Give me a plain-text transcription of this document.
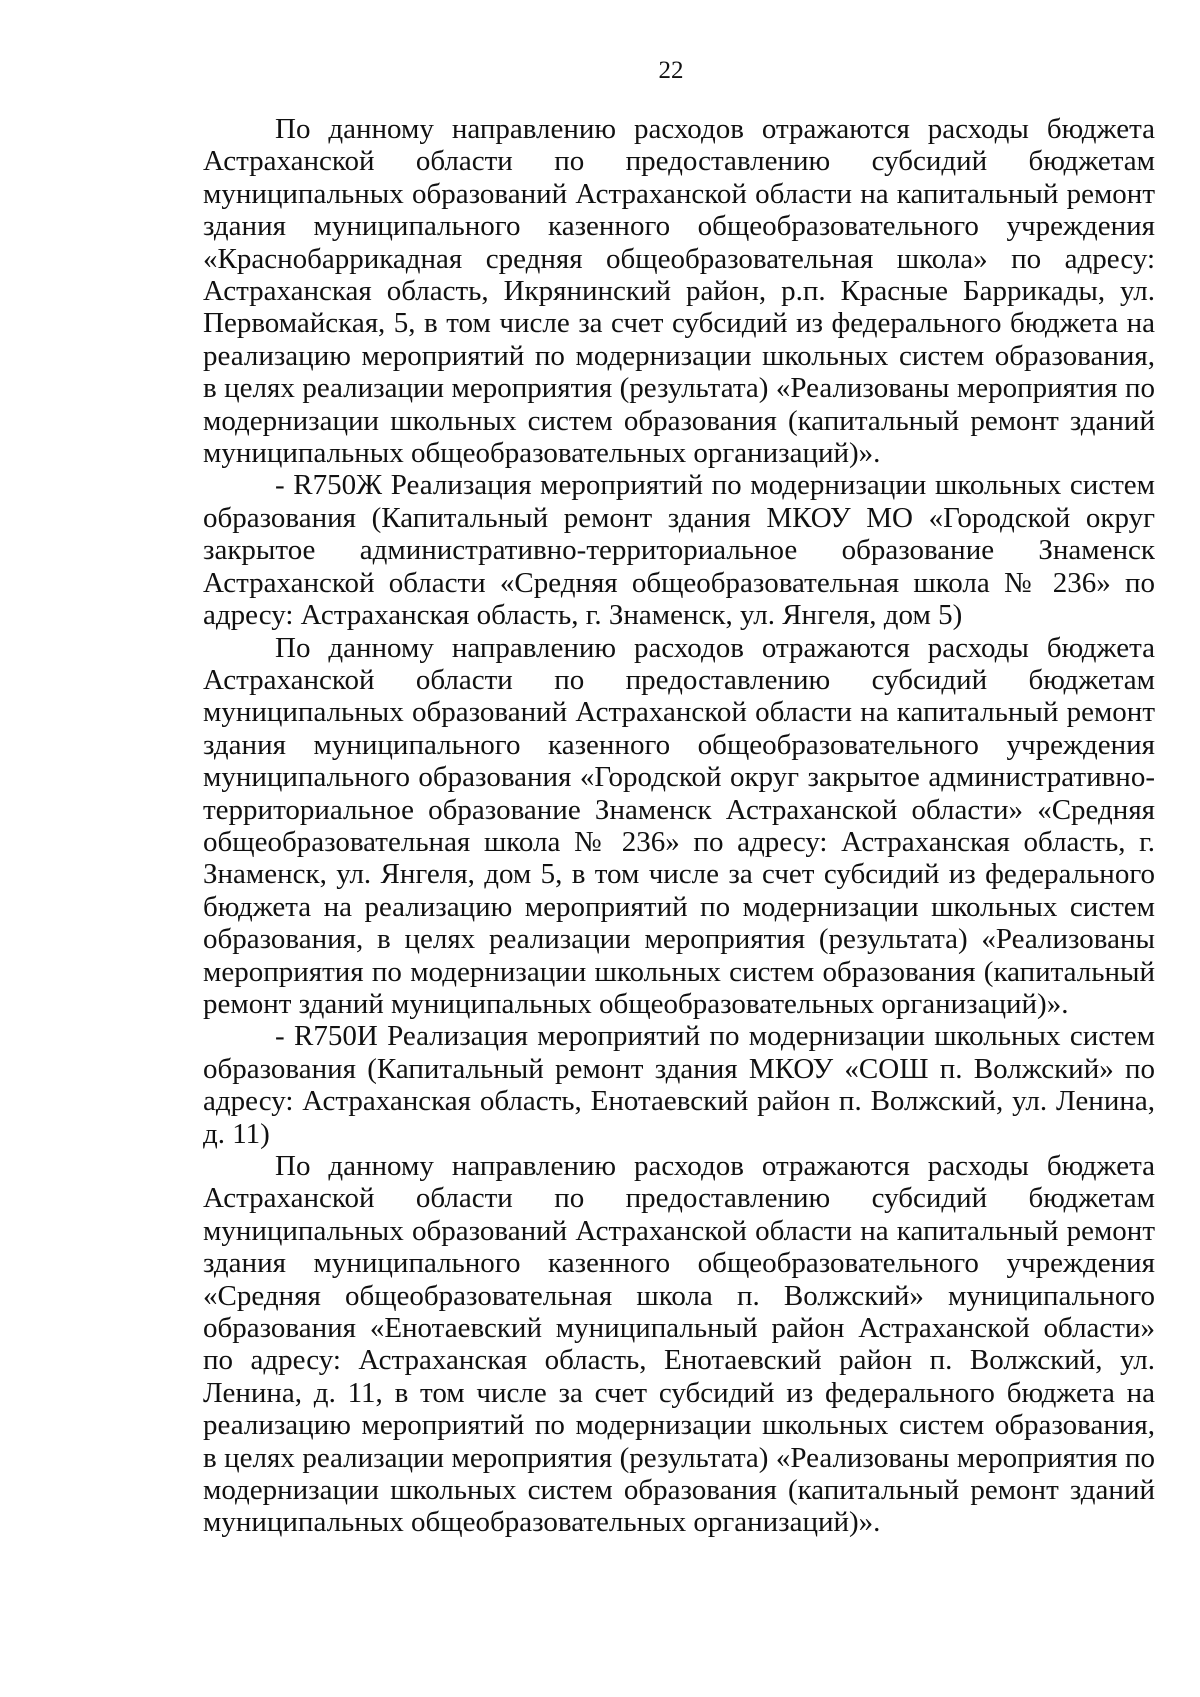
22

По данному направлению расходов отражаются расходы бюджета Астраханской области по предоставлению субсидий бюджетам муниципальных образований Астраханской области на капитальный ремонт здания муниципального казенного общеобразовательного учреждения «Краснобаррикадная средняя общеобразовательная школа» по адресу: Астраханская область, Икрянинский район, р.п. Красные Баррикады, ул. Первомайская, 5, в том числе за счет субсидий из федерального бюджета на реализацию мероприятий по модернизации школьных систем образования, в целях реализации мероприятия (результата) «Реализованы мероприятия по модернизации школьных систем образования (капитальный ремонт зданий муниципальных общеобразовательных организаций)».

- R750Ж Реализация мероприятий по модернизации школьных систем образования (Капитальный ремонт здания МКОУ МО «Городской округ закрытое административно-территориальное образование Знаменск Астраханской области «Средняя общеобразовательная школа № 236» по адресу: Астраханская область, г. Знаменск, ул. Янгеля, дом 5)

По данному направлению расходов отражаются расходы бюджета Астраханской области по предоставлению субсидий бюджетам муниципальных образований Астраханской области на капитальный ремонт здания муниципального казенного общеобразовательного учреждения муниципального образования «Городской округ закрытое административно-территориальное образование Знаменск Астраханской области» «Средняя общеобразовательная школа № 236» по адресу: Астраханская область, г. Знаменск, ул. Янгеля, дом 5, в том числе за счет субсидий из федерального бюджета на реализацию мероприятий по модернизации школьных систем образования, в целях реализации мероприятия (результата) «Реализованы мероприятия по модернизации школьных систем образования (капитальный ремонт зданий муниципальных общеобразовательных организаций)».

- R750И Реализация мероприятий по модернизации школьных систем образования (Капитальный ремонт здания МКОУ «СОШ п. Волжский» по адресу: Астраханская область, Енотаевский район п. Волжский, ул. Ленина, д. 11)

По данному направлению расходов отражаются расходы бюджета Астраханской области по предоставлению субсидий бюджетам муниципальных образований Астраханской области на капитальный ремонт здания муниципального казенного общеобразовательного учреждения «Средняя общеобразовательная школа п. Волжский» муниципального образования «Енотаевский муниципальный район Астраханской области» по адресу: Астраханская область, Енотаевский район п. Волжский, ул. Ленина, д. 11, в том числе за счет субсидий из федерального бюджета на реализацию мероприятий по модернизации школьных систем образования, в целях реализации мероприятия (результата) «Реализованы мероприятия по модернизации школьных систем образования (капитальный ремонт зданий муниципальных общеобразовательных организаций)».
